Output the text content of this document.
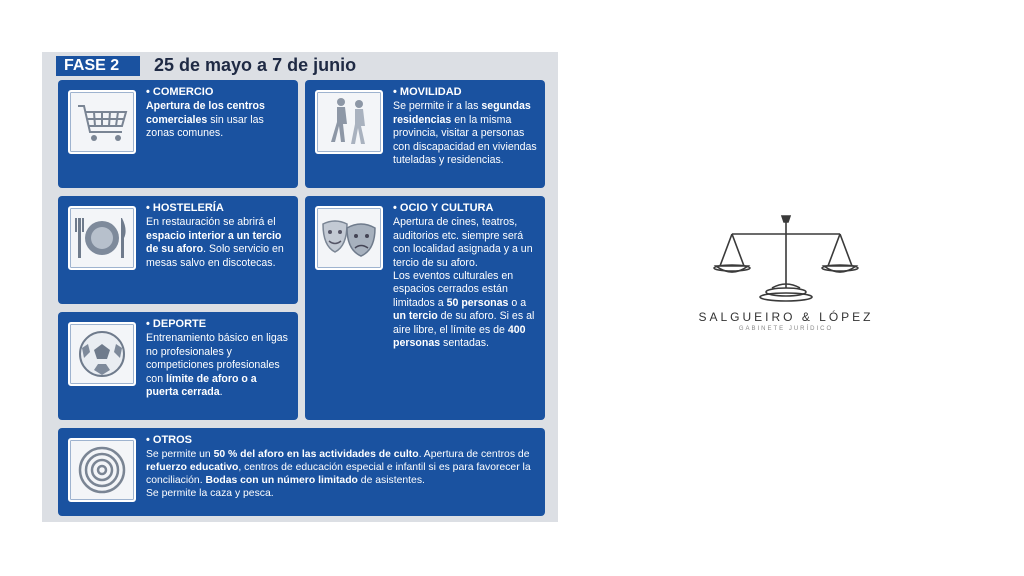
FASE 2	25 de mayo a 7 de junio
• COMERCIO
Apertura de los centros comerciales sin usar las zonas comunes.
• MOVILIDAD
Se permite ir a las segundas residencias en la misma provincia, visitar a personas con discapacidad en viviendas tuteladas y residencias.
• HOSTELERÍA
En restauración se abrirá el espacio interior a un tercio de su aforo. Solo servicio en mesas salvo en discotecas.
• OCIO Y CULTURA
Apertura de cines, teatros, auditorios etc. siempre será con localidad asignada y a un tercio de su aforo.
Los eventos culturales en espacios cerrados están limitados a 50 personas o a un tercio de su aforo. Si es al aire libre, el límite es de 400 personas sentadas.
• DEPORTE
Entrenamiento básico en ligas no profesionales y competiciones profesionales con límite de aforo o a puerta cerrada.
• OTROS
Se permite un 50 % del aforo en las actividades de culto. Apertura de centros de refuerzo educativo, centros de educación especial e infantil si es para favorecer la conciliación. Bodas con un número limitado de asistentes.
Se permite la caza y pesca.
SALGUEIRO & LÓPEZ
GABINETE JURÍDICO
